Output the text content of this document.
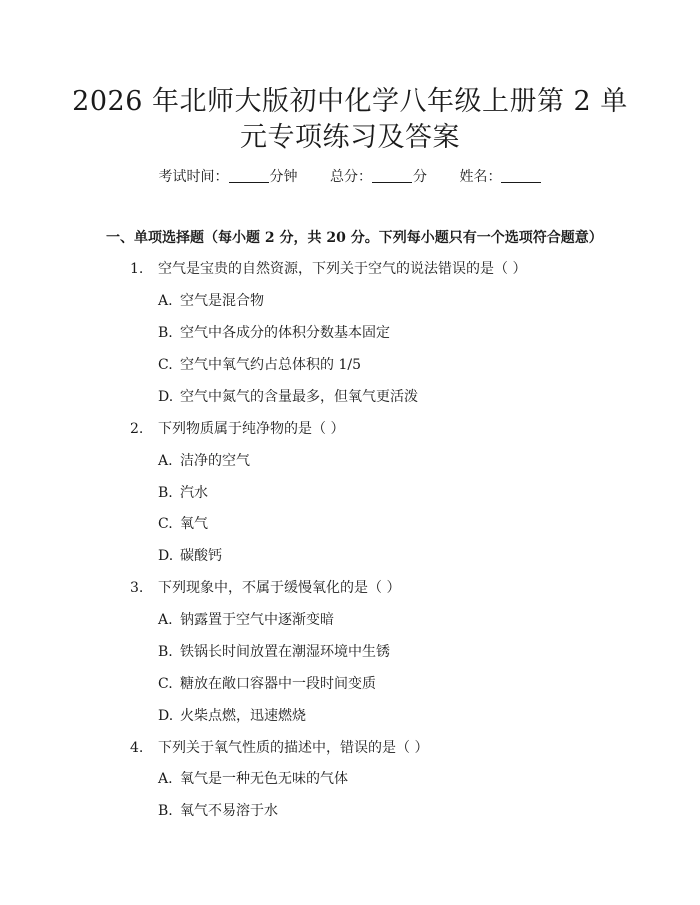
2026 年北师大版初中化学八年级上册第 2 单
元专项练习及答案
考试时间：	分钟 总分：	分 姓名：
一、单项选择题（每小题 2 分，共 20 分。下列每小题只有一个选项符合题意）
1. 空气是宝贵的自然资源，下列关于空气的说法错误的是（ ）
A. 空气是混合物
B. 空气中各成分的体积分数基本固定
C. 空气中氧气约占总体积的 1/5
D. 空气中氮气的含量最多，但氧气更活泼
2. 下列物质属于纯净物的是（ ）
A. 洁净的空气
B. 汽水
C. 氧气
D. 碳酸钙
3. 下列现象中，不属于缓慢氧化的是（ ）
A. 钠露置于空气中逐渐变暗
B. 铁锅长时间放置在潮湿环境中生锈
C. 糖放在敞口容器中一段时间变质
D. 火柴点燃，迅速燃烧
4. 下列关于氧气性质的描述中，错误的是（ ）
A. 氧气是一种无色无味的气体
B. 氧气不易溶于水
